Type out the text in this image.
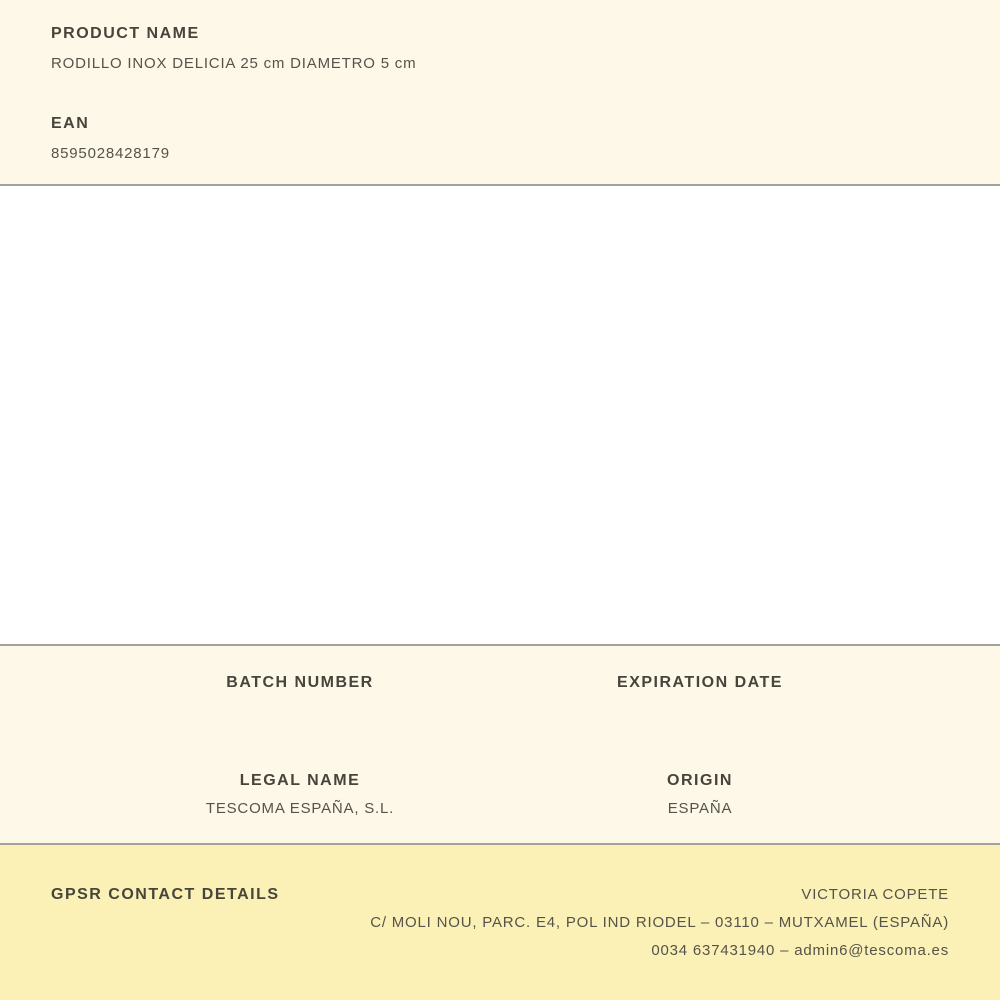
PRODUCT NAME
RODILLO INOX DELICIA 25 cm DIAMETRO 5 cm
EAN
8595028428179
BATCH NUMBER	EXPIRATION DATE
LEGAL NAME
TESCOMA ESPAÑA, S.L.
ORIGIN
ESPAÑA
GPSR CONTACT DETAILS	VICTORIA COPETE
C/ MOLI NOU, PARC. E4, POL IND RIODEL – 03110 – MUTXAMEL (ESPAÑA)
0034 637431940 – admin6@tescoma.es
